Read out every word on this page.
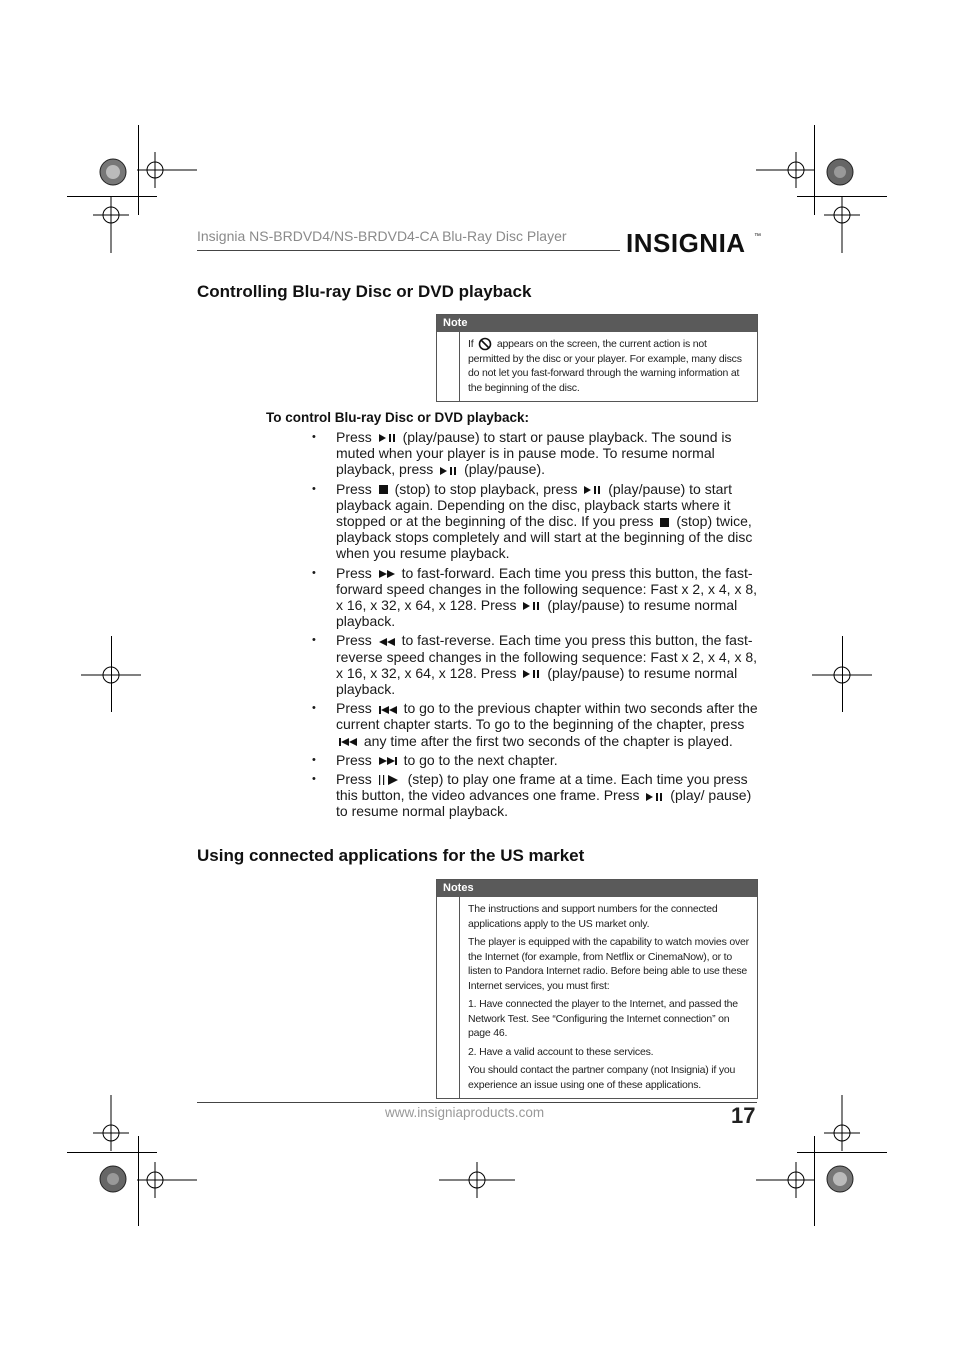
Insignia NS-BRDVD4/NS-BRDVD4-CA Blu-Ray Disc Player INSIGNIA ™
Controlling Blu-ray Disc or DVD playback
Note

If appears on the screen, the current action is not permitted by the disc or your player. For example, many discs do not let you fast-forward through the warning information at the beginning of the disc.

To control Blu-ray Disc or DVD playback:
• Press (play/pause) to start or pause playback. The sound is muted when your player is in pause mode. To resume normal playback, press (play/pause).
• Press (stop) to stop playback, press (play/pause) to start playback again. Depending on the disc, playback starts where it stopped or at the beginning of the disc. If you press (stop) twice, playback stops completely and will start at the beginning of the disc when you resume playback.
• Press to fast-forward. Each time you press this button, the fast-forward speed changes in the following sequence: Fast x 2, x 4, x 8, x 16, x 32, x 64, x 128. Press (play/pause) to resume normal playback.
• Press to fast-reverse. Each time you press this button, the fast-reverse speed changes in the following sequence: Fast x 2, x 4, x 8, x 16, x 32, x 64, x 128. Press (play/pause) to resume normal playback.
• Press to go to the previous chapter within two seconds after the current chapter starts. To go to the beginning of the chapter, press
any time after the first two seconds of the chapter is played.
• Press to go to the next chapter.
• Press	(step) to play one frame at a time. Each time you press this button, the video advances one frame. Press (play/ pause) to resume normal playback.
Using connected applications for the US market
Notes

The instructions and support numbers for the connected applications apply to the US market only.

The player is equipped with the capability to watch movies over the Internet (for example, from Netflix or CinemaNow), or to listen to Pandora Internet radio. Before being able to use these Internet services, you must first:

1. Have connected the player to the Internet, and passed the Network Test. See “Configuring the Internet connection” on page 46.

2. Have a valid account to these services.

You should contact the partner company (not Insignia) if you experience an issue using one of these applications.

www.insigniaproducts.com	17
